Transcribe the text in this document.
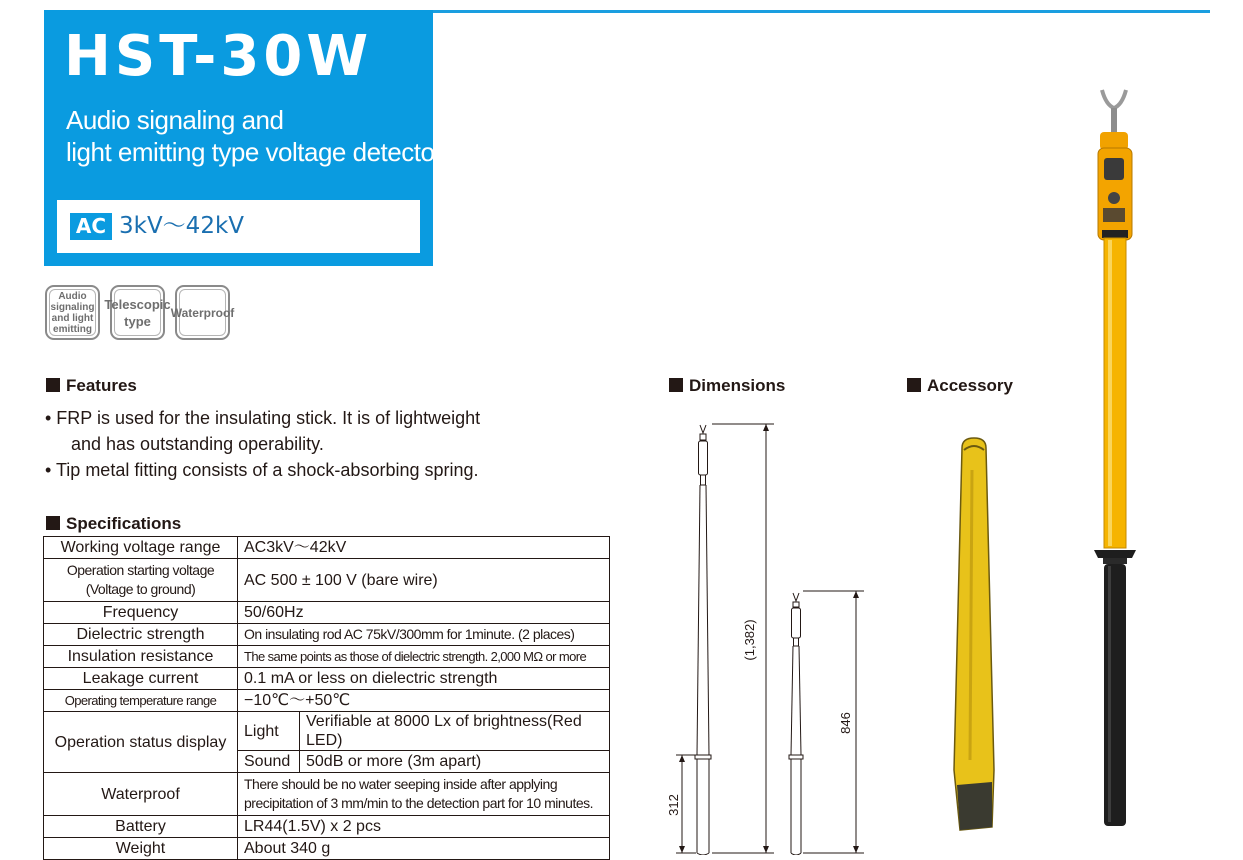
HST-30W
Audio signaling and
light emitting type voltage detector
AC 3kV〜42kV
Audio
signaling
and light
emitting
Telescopic
type
Waterproof
Features
Specifications
Dimensions	Accessory
• FRP is used for the insulating stick. It is of lightweight
and has outstanding operability.
• Tip metal fitting consists of a shock-absorbing spring.
Working voltage range	AC3kV〜42kV	
Operation starting voltage
(Voltage to ground)	AC 500 ± 100 V (bare wire)	
Frequency	50/60Hz	
Dielectric strength	On insulating rod AC 75kV/300mm for 1minute. (2 places)	
Insulation resistance	The same points as those of dielectric strength. 2,000 MΩ or more	
Leakage current	0.1 mA or less on dielectric strength	
Operating temperature range	−10℃〜+50℃	
Operation status display	Light	Verifiable at 8000 Lx of brightness(Red LED)
	Sound	50dB or more (3m apart)
Waterproof	There should be no water seeping inside after applying
precipitation of 3 mm/min to the detection part for 10 minutes.	
Battery	LR44(1.5V) x 2 pcs	
Weight	About 340 g	
(1,382)
846
312
